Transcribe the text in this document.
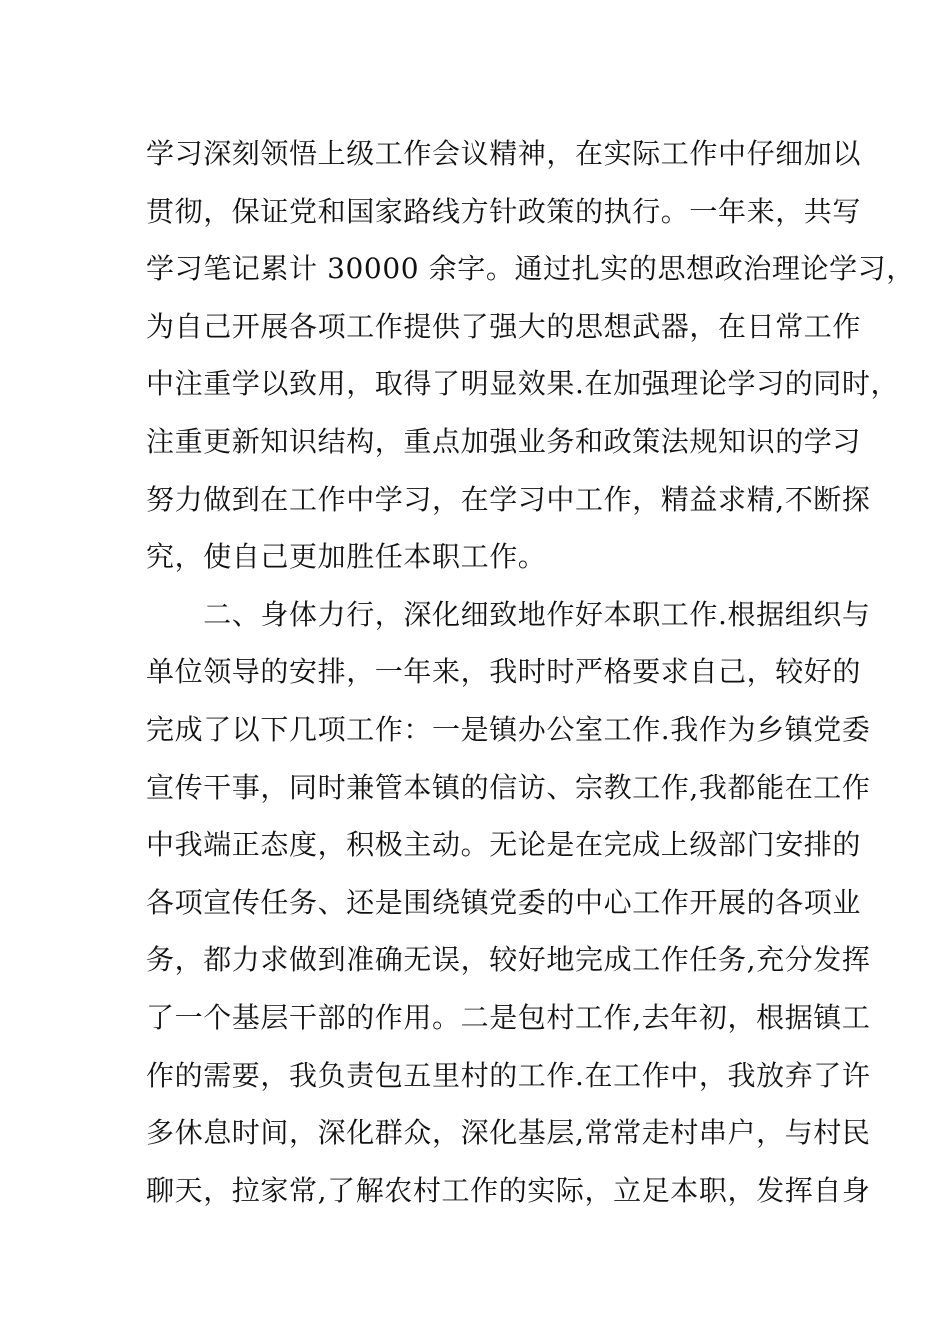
学习深刻领悟上级工作会议精神，在实际工作中仔细加以
贯彻，保证党和国家路线方针政策的执行。一年来，共写
学习笔记累计 30000 余字。通过扎实的思想政治理论学习，
为自己开展各项工作提供了强大的思想武器，在日常工作
中注重学以致用，取得了明显效果.在加强理论学习的同时，
注重更新知识结构，重点加强业务和政策法规知识的学习
努力做到在工作中学习，在学习中工作，精益求精,不断探
究，使自己更加胜任本职工作。
　　二、身体力行，深化细致地作好本职工作.根据组织与
单位领导的安排，一年来，我时时严格要求自己，较好的
完成了以下几项工作：一是镇办公室工作.我作为乡镇党委
宣传干事，同时兼管本镇的信访、宗教工作,我都能在工作
中我端正态度，积极主动。无论是在完成上级部门安排的
各项宣传任务、还是围绕镇党委的中心工作开展的各项业
务，都力求做到准确无误，较好地完成工作任务,充分发挥
了一个基层干部的作用。二是包村工作,去年初，根据镇工
作的需要，我负责包五里村的工作.在工作中，我放弃了许
多休息时间，深化群众，深化基层,常常走村串户，与村民
聊天，拉家常,了解农村工作的实际，立足本职，发挥自身
